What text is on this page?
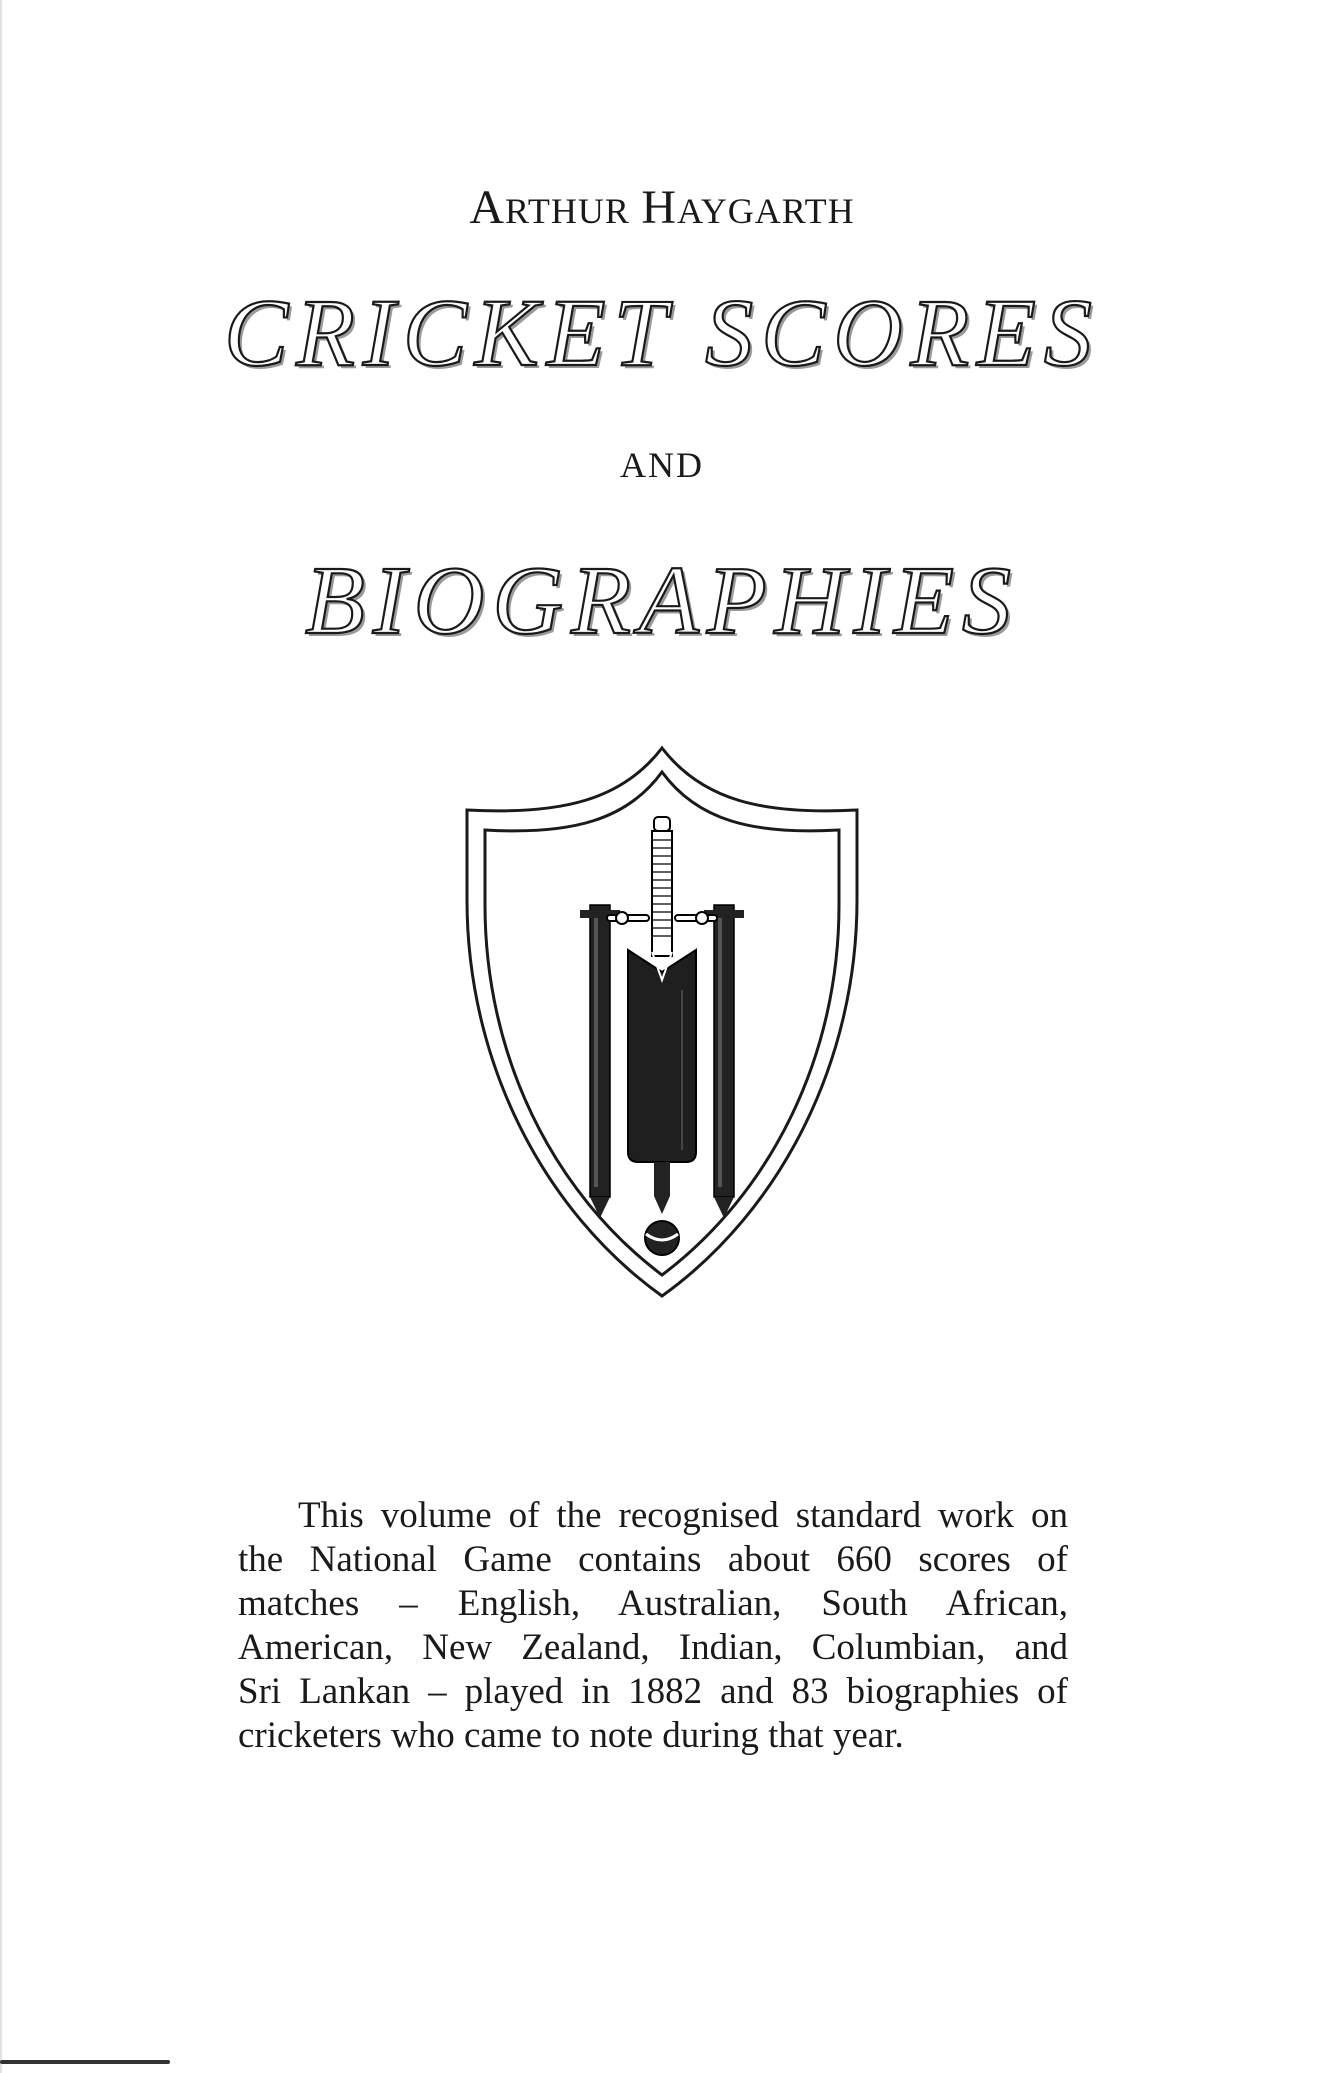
ARTHUR HAYGARTH
CRICKET SCORES
AND
BIOGRAPHIES
This volume of the recognised standard work on
the National Game contains about 660 scores of
matches – English, Australian, South African,
American, New Zealand, Indian, Columbian, and
Sri Lankan – played in 1882 and 83 biographies of
cricketers who came to note during that year.
